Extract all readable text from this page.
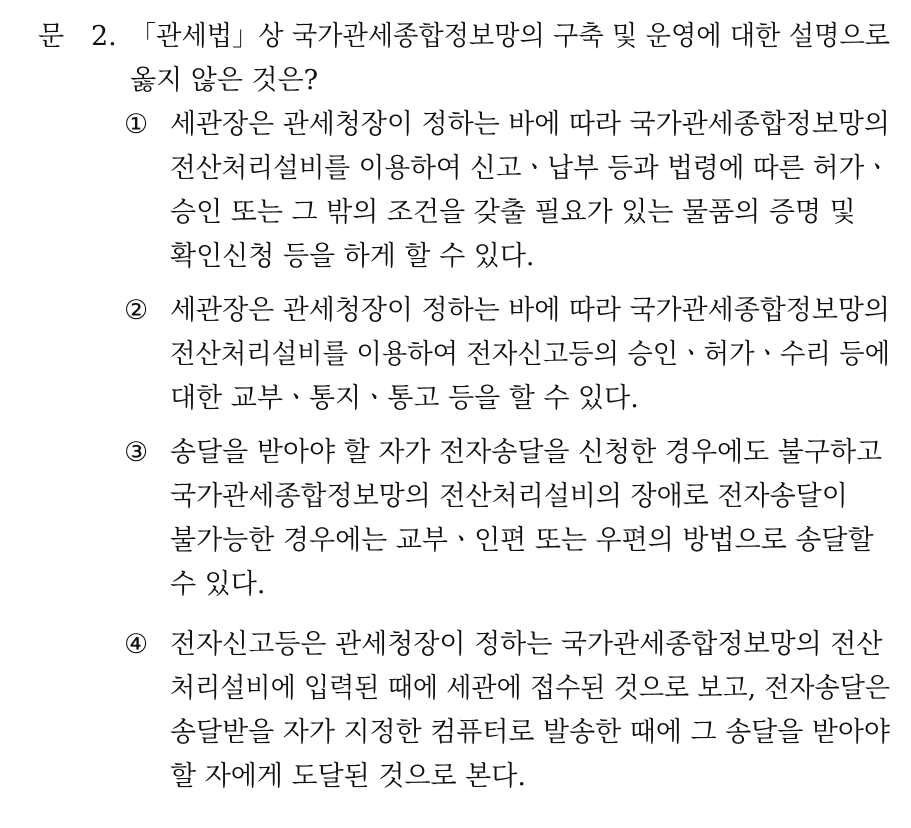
문 2. 「관세법」상 국가관세종합정보망의 구축 및 운영에 대한 설명으로
옳지 않은 것은?
① 세관장은 관세청장이 정하는 바에 따라 국가관세종합정보망의
전산처리설비를 이용하여 신고ㆍ납부 등과 법령에 따른 허가ㆍ
승인 또는 그 밖의 조건을 갖출 필요가 있는 물품의 증명 및
확인신청 등을 하게 할 수 있다.
② 세관장은 관세청장이 정하는 바에 따라 국가관세종합정보망의
전산처리설비를 이용하여 전자신고등의 승인ㆍ허가ㆍ수리 등에
대한 교부ㆍ통지ㆍ통고 등을 할 수 있다.
③ 송달을 받아야 할 자가 전자송달을 신청한 경우에도 불구하고
국가관세종합정보망의 전산처리설비의 장애로 전자송달이
불가능한 경우에는 교부ㆍ인편 또는 우편의 방법으로 송달할
수 있다.
④ 전자신고등은 관세청장이 정하는 국가관세종합정보망의 전산
처리설비에 입력된 때에 세관에 접수된 것으로 보고, 전자송달은
송달받을 자가 지정한 컴퓨터로 발송한 때에 그 송달을 받아야
할 자에게 도달된 것으로 본다.
